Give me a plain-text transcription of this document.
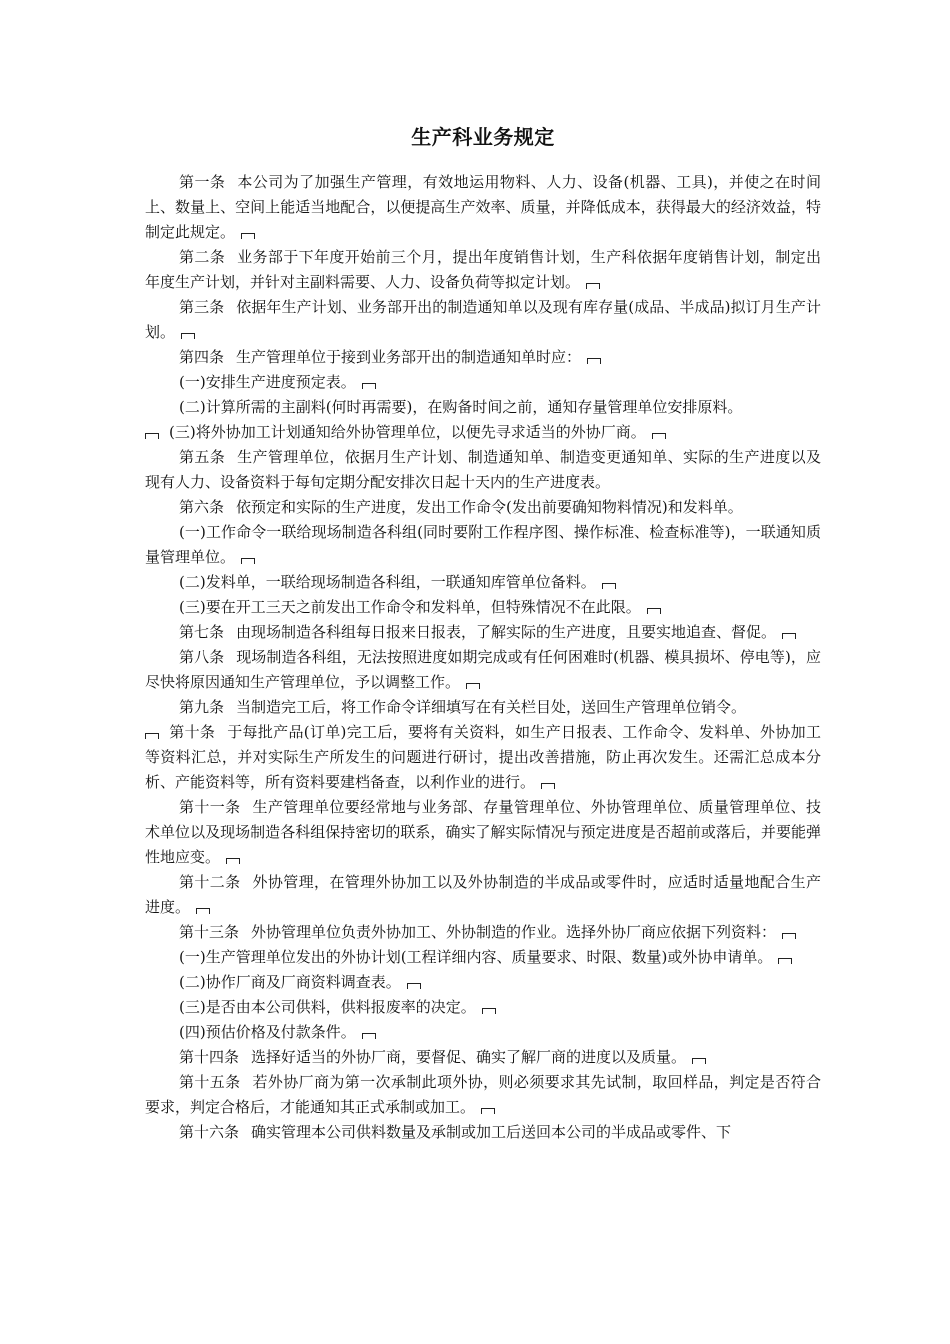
生产科业务规定

第一条 本公司为了加强生产管理，有效地运用物料、人力、设备(机器、工具)，并使之在时间上、数量上、空间上能适当地配合，以便提高生产效率、质量，并降低成本，获得最大的经济效益，特制定此规定。

第二条 业务部于下年度开始前三个月，提出年度销售计划，生产科依据年度销售计划，制定出年度生产计划，并针对主副料需要、人力、设备负荷等拟定计划。

第三条 依据年生产计划、业务部开出的制造通知单以及现有库存量(成品、半成品)拟订月生产计划。

第四条 生产管理单位于接到业务部开出的制造通知单时应：

(一)安排生产进度预定表。

(二)计算所需的主副料(何时再需要)，在购备时间之前，通知存量管理单位安排原料。

(三)将外协加工计划通知给外协管理单位，以便先寻求适当的外协厂商。

第五条 生产管理单位，依据月生产计划、制造通知单、制造变更通知单、实际的生产进度以及现有人力、设备资料于每旬定期分配安排次日起十天内的生产进度表。

第六条 依预定和实际的生产进度，发出工作命令(发出前要确知物料情况)和发料单。

(一)工作命令一联给现场制造各科组(同时要附工作程序图、操作标准、检查标准等)，一联通知质量管理单位。

(二)发料单，一联给现场制造各科组，一联通知库管单位备料。

(三)要在开工三天之前发出工作命令和发料单，但特殊情况不在此限。

第七条 由现场制造各科组每日报来日报表，了解实际的生产进度，且要实地追查、督促。

第八条 现场制造各科组，无法按照进度如期完成或有任何困难时(机器、模具损坏、停电等)，应尽快将原因通知生产管理单位，予以调整工作。

第九条 当制造完工后，将工作命令详细填写在有关栏目处，送回生产管理单位销令。

第十条 于每批产品(订单)完工后，要将有关资料，如生产日报表、工作命令、发料单、外协加工等资料汇总，并对实际生产所发生的问题进行研讨，提出改善措施，防止再次发生。还需汇总成本分析、产能资料等，所有资料要建档备查，以利作业的进行。

第十一条 生产管理单位要经常地与业务部、存量管理单位、外协管理单位、质量管理单位、技术单位以及现场制造各科组保持密切的联系，确实了解实际情况与预定进度是否超前或落后，并要能弹性地应变。

第十二条 外协管理，在管理外协加工以及外协制造的半成品或零件时，应适时适量地配合生产进度。

第十三条 外协管理单位负责外协加工、外协制造的作业。选择外协厂商应依据下列资料：

(一)生产管理单位发出的外协计划(工程详细内容、质量要求、时限、数量)或外协申请单。

(二)协作厂商及厂商资料调查表。

(三)是否由本公司供料，供料报废率的决定。

(四)预估价格及付款条件。

第十四条 选择好适当的外协厂商，要督促、确实了解厂商的进度以及质量。

第十五条 若外协厂商为第一次承制此项外协，则必须要求其先试制，取回样品，判定是否符合要求，判定合格后，才能通知其正式承制或加工。

第十六条 确实管理本公司供料数量及承制或加工后送回本公司的半成品或零件、下
